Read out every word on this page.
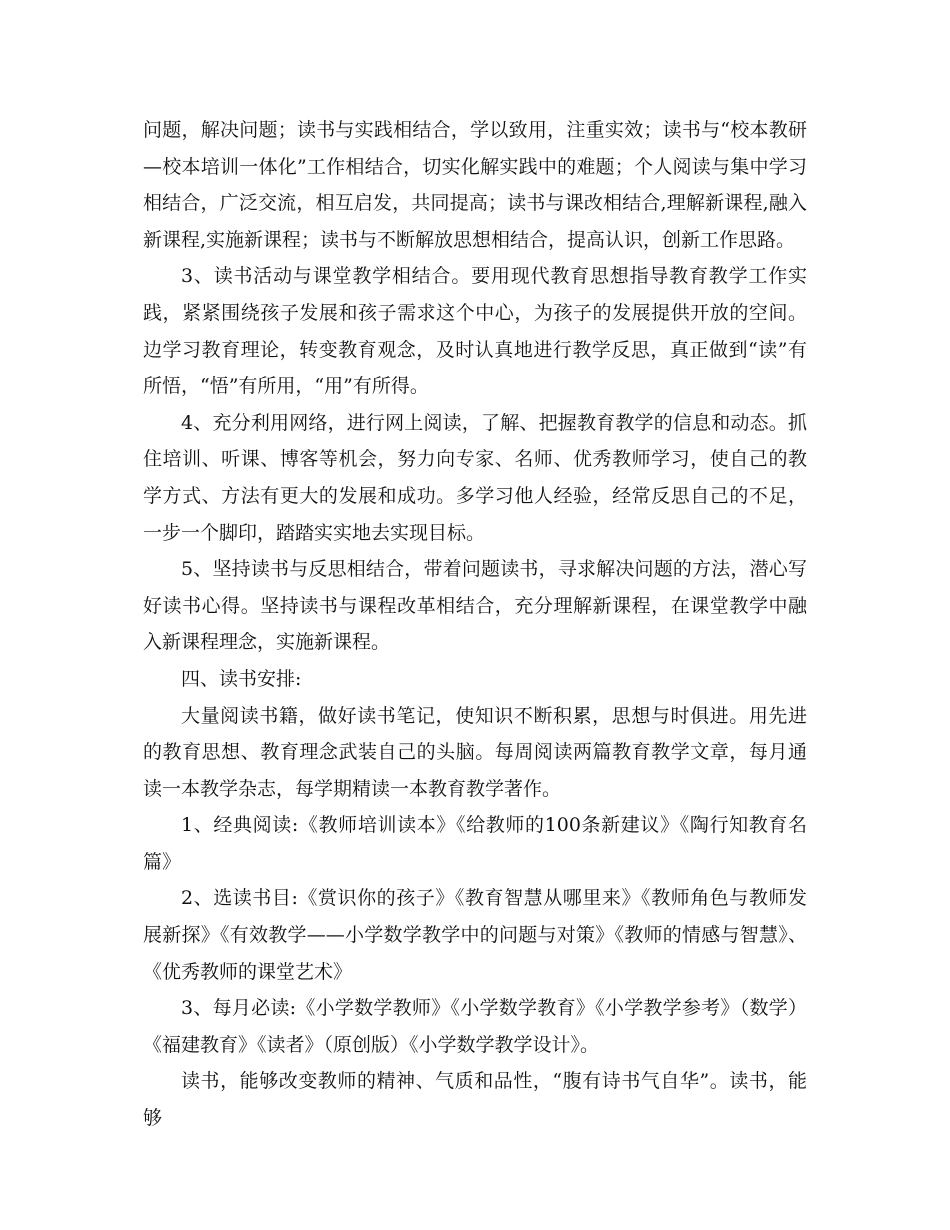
问题，解决问题；读书与实践相结合，学以致用，注重实效；读书与“校本教研—校本培训一体化”工作相结合，切实化解实践中的难题；个人阅读与集中学习相结合，广泛交流，相互启发，共同提高；读书与课改相结合,理解新课程,融入新课程,实施新课程；读书与不断解放思想相结合，提高认识，创新工作思路。

3、读书活动与课堂教学相结合。要用现代教育思想指导教育教学工作实践，紧紧围绕孩子发展和孩子需求这个中心，为孩子的发展提供开放的空间。边学习教育理论，转变教育观念，及时认真地进行教学反思，真正做到“读”有所悟，“悟”有所用，“用”有所得。

4、充分利用网络，进行网上阅读，了解、把握教育教学的信息和动态。抓住培训、听课、博客等机会，努力向专家、名师、优秀教师学习，使自己的教学方式、方法有更大的发展和成功。多学习他人经验，经常反思自己的不足，一步一个脚印，踏踏实实地去实现目标。

5、坚持读书与反思相结合，带着问题读书，寻求解决问题的方法，潜心写好读书心得。坚持读书与课程改革相结合，充分理解新课程，在课堂教学中融入新课程理念，实施新课程。

四、读书安排:

大量阅读书籍，做好读书笔记，使知识不断积累，思想与时俱进。用先进的教育思想、教育理念武装自己的头脑。每周阅读两篇教育教学文章，每月通读一本教学杂志，每学期精读一本教育教学著作。

1、经典阅读:《教师培训读本》《给教师的100条新建议》《陶行知教育名篇》

2、选读书目:《赏识你的孩子》《教育智慧从哪里来》《教师角色与教师发展新探》《有效教学——小学数学教学中的问题与对策》《教师的情感与智慧》、《优秀教师的课堂艺术》

3、每月必读:《小学数学教师》《小学数学教育》《小学教学参考》（数学）《福建教育》《读者》（原创版）《小学数学教学设计》。

读书，能够改变教师的精神、气质和品性，“腹有诗书气自华”。读书，能够
